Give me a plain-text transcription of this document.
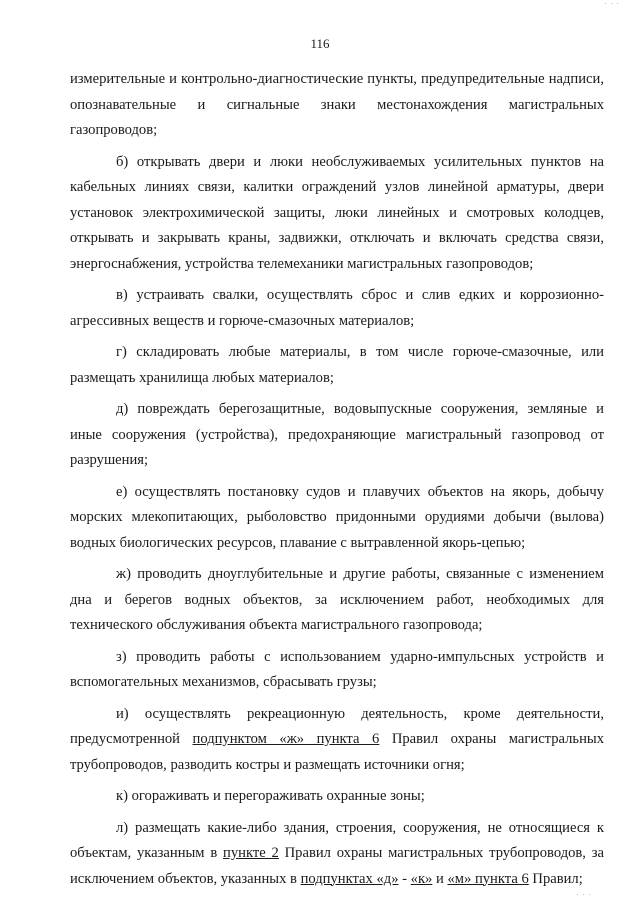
· · ·
116

измерительные и контрольно-диагностические пункты, предупредительные надписи, опознавательные и сигнальные знаки местонахождения магистральных газопроводов;

б) открывать двери и люки необслуживаемых усилительных пунктов на кабельных линиях связи, калитки ограждений узлов линейной арматуры, двери установок электрохимической защиты, люки линейных и смотровых колодцев, открывать и закрывать краны, задвижки, отключать и включать средства связи, энергоснабжения, устройства телемеханики магистральных газопроводов;

в) устраивать свалки, осуществлять сброс и слив едких и коррозионно-агрессивных веществ и горюче-смазочных материалов;

г) складировать любые материалы, в том числе горюче-смазочные, или размещать хранилища любых материалов;

д) повреждать берегозащитные, водовыпускные сооружения, земляные и иные сооружения (устройства), предохраняющие магистральный газопровод от разрушения;

е) осуществлять постановку судов и плавучих объектов на якорь, добычу морских млекопитающих, рыболовство придонными орудиями добычи (вылова) водных биологических ресурсов, плавание с вытравленной якорь-цепью;

ж) проводить дноуглубительные и другие работы, связанные с изменением дна и берегов водных объектов, за исключением работ, необходимых для технического обслуживания объекта магистрального газопровода;

з) проводить работы с использованием ударно-импульсных устройств и вспомогательных механизмов, сбрасывать грузы;

и) осуществлять рекреационную деятельность, кроме деятельности, предусмотренной подпунктом «ж» пункта 6 Правил охраны магистральных трубопроводов, разводить костры и размещать источники огня;

к) огораживать и перегораживать охранные зоны;

л) размещать какие-либо здания, строения, сооружения, не относящиеся к объектам, указанным в пункте 2 Правил охраны магистральных трубопроводов, за исключением объектов, указанных в подпунктах «д» - «к» и «м» пункта 6 Правил;

· · ·
